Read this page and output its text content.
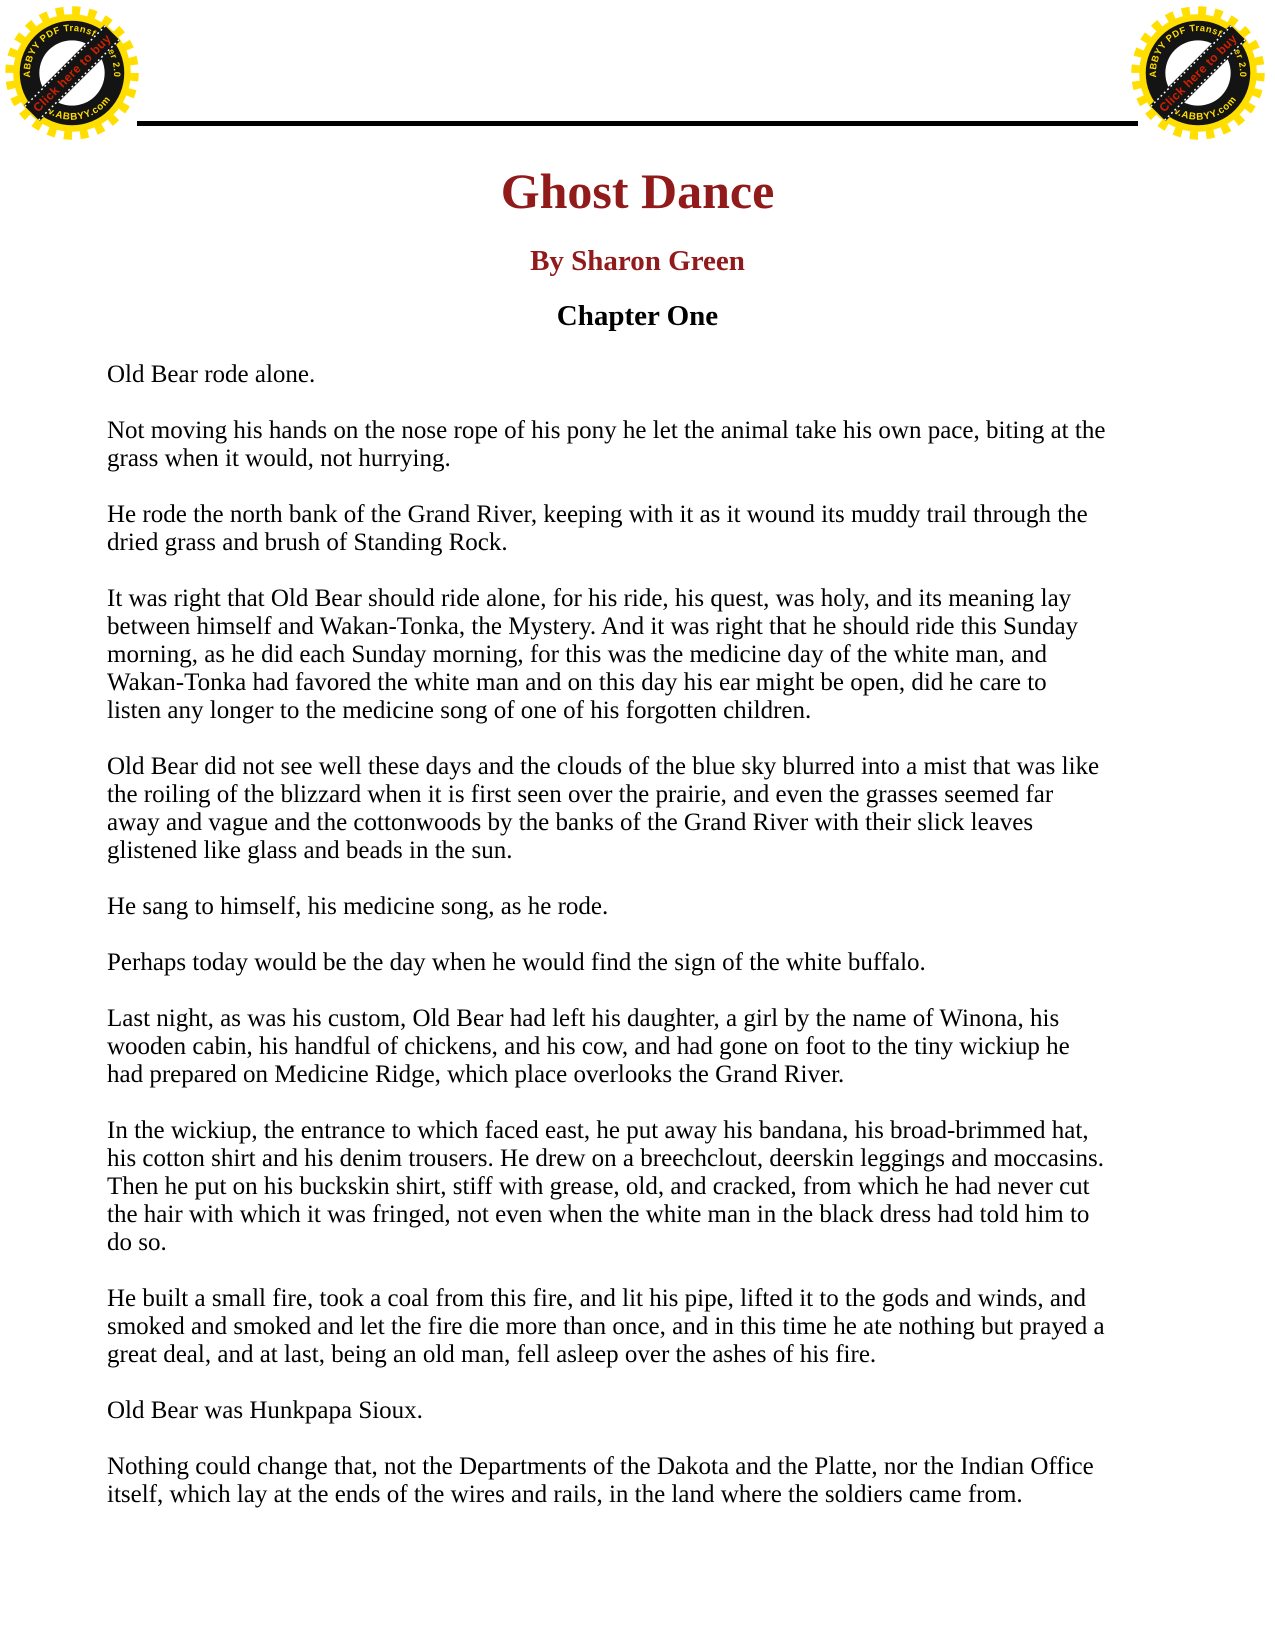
Ghost Dance
By Sharon Green
Chapter One

Old Bear rode alone.

Not moving his hands on the nose rope of his pony he let the animal take his own pace, biting at the grass when it would, not hurrying.

He rode the north bank of the Grand River, keeping with it as it wound its muddy trail through the dried grass and brush of Standing Rock.

It was right that Old Bear should ride alone, for his ride, his quest, was holy, and its meaning lay between himself and Wakan-Tonka, the Mystery. And it was right that he should ride this Sunday morning, as he did each Sunday morning, for this was the medicine day of the white man, and Wakan-Tonka had favored the white man and on this day his ear might be open, did he care to listen any longer to the medicine song of one of his forgotten children.

Old Bear did not see well these days and the clouds of the blue sky blurred into a mist that was like the roiling of the blizzard when it is first seen over the prairie, and even the grasses seemed far away and vague and the cottonwoods by the banks of the Grand River with their slick leaves glistened like glass and beads in the sun.

He sang to himself, his medicine song, as he rode.

Perhaps today would be the day when he would find the sign of the white buffalo.

Last night, as was his custom, Old Bear had left his daughter, a girl by the name of Winona, his wooden cabin, his handful of chickens, and his cow, and had gone on foot to the tiny wickiup he had prepared on Medicine Ridge, which place overlooks the Grand River.

In the wickiup, the entrance to which faced east, he put away his bandana, his broad-brimmed hat, his cotton shirt and his denim trousers. He drew on a breechclout, deerskin leggings and moccasins. Then he put on his buckskin shirt, stiff with grease, old, and cracked, from which he had never cut the hair with which it was fringed, not even when the white man in the black dress had told him to do so.

He built a small fire, took a coal from this fire, and lit his pipe, lifted it to the gods and winds, and smoked and smoked and let the fire die more than once, and in this time he ate nothing but prayed a great deal, and at last, being an old man, fell asleep over the ashes of his fire.

Old Bear was Hunkpapa Sioux.

Nothing could change that, not the Departments of the Dakota and the Platte, nor the Indian Office itself, which lay at the ends of the wires and rails, in the land where the soldiers came from.
